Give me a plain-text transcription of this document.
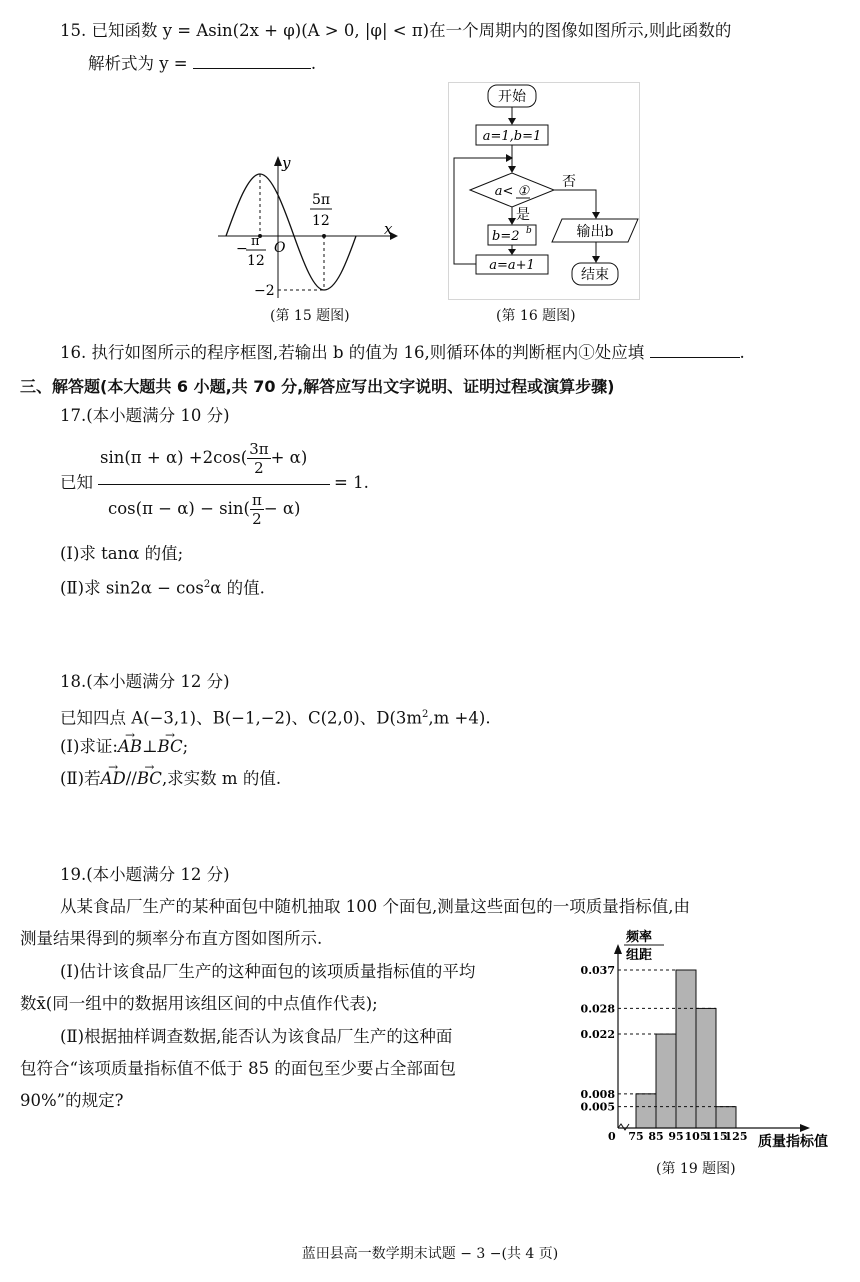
15. 已知函数 y = Asin(2x + φ)(A > 0, |φ| < π)在一个周期内的图像如图所示,则此函数的
解析式为 y =	.
y
x
O
5π
12
− π
12
−2
(第 15 题图)
开始
a=1,b=1
a< ①
否
是
b=2 b
a=a+1
输出b
结束
(第 16 题图)
16. 执行如图所示的程序框图,若输出 b 的值为 16,则循环体的判断框内①处应填	.
三、解答题(本大题共 6 小题,共 70 分,解答应写出文字说明、证明过程或演算步骤)
17.(本小题满分 10 分)
已知
$\sin(\pi + \alpha) +2\cos( \frac{3\pi}{2} + \alpha)$
$\cos(\pi - \alpha) - \sin( \frac{\pi}{2} - \alpha)$
= 1.
(Ⅰ)求 tanα 的值;
(Ⅱ)求 $\sin 2\alpha - \cos^2\alpha$ 的值.
18.(本小题满分 12 分)
已知四点 A(−3,1)、B(−1,−2)、C(2,0)、$D(3m^2,m +4)$.
(Ⅰ)求证:→ AB⊥→ BC;
(Ⅱ)若→ AD//→ BC,求实数 m 的值.
19.(本小题满分 12 分)
从某食品厂生产的某种面包中随机抽取 100 个面包,测量这些面包的一项质量指标值,由
测量结果得到的频率分布直方图如图所示.
(Ⅰ)估计该食品厂生产的这种面包的该项质量指标值的平均
数x̄(同一组中的数据用该组区间的中点值作代表);
(Ⅱ)根据抽样调查数据,能否认为该食品厂生产的这种面
包符合“该项质量指标值不低于 85 的面包至少要占全部面包
90%”的规定?
0.037
0.028
0.022
0.008
0.005
75 85 95 105
115
125
频率
组距
0	质量指标值
(第 19 题图)
蓝田县高一数学期末试题 − 3 −(共 4 页)
